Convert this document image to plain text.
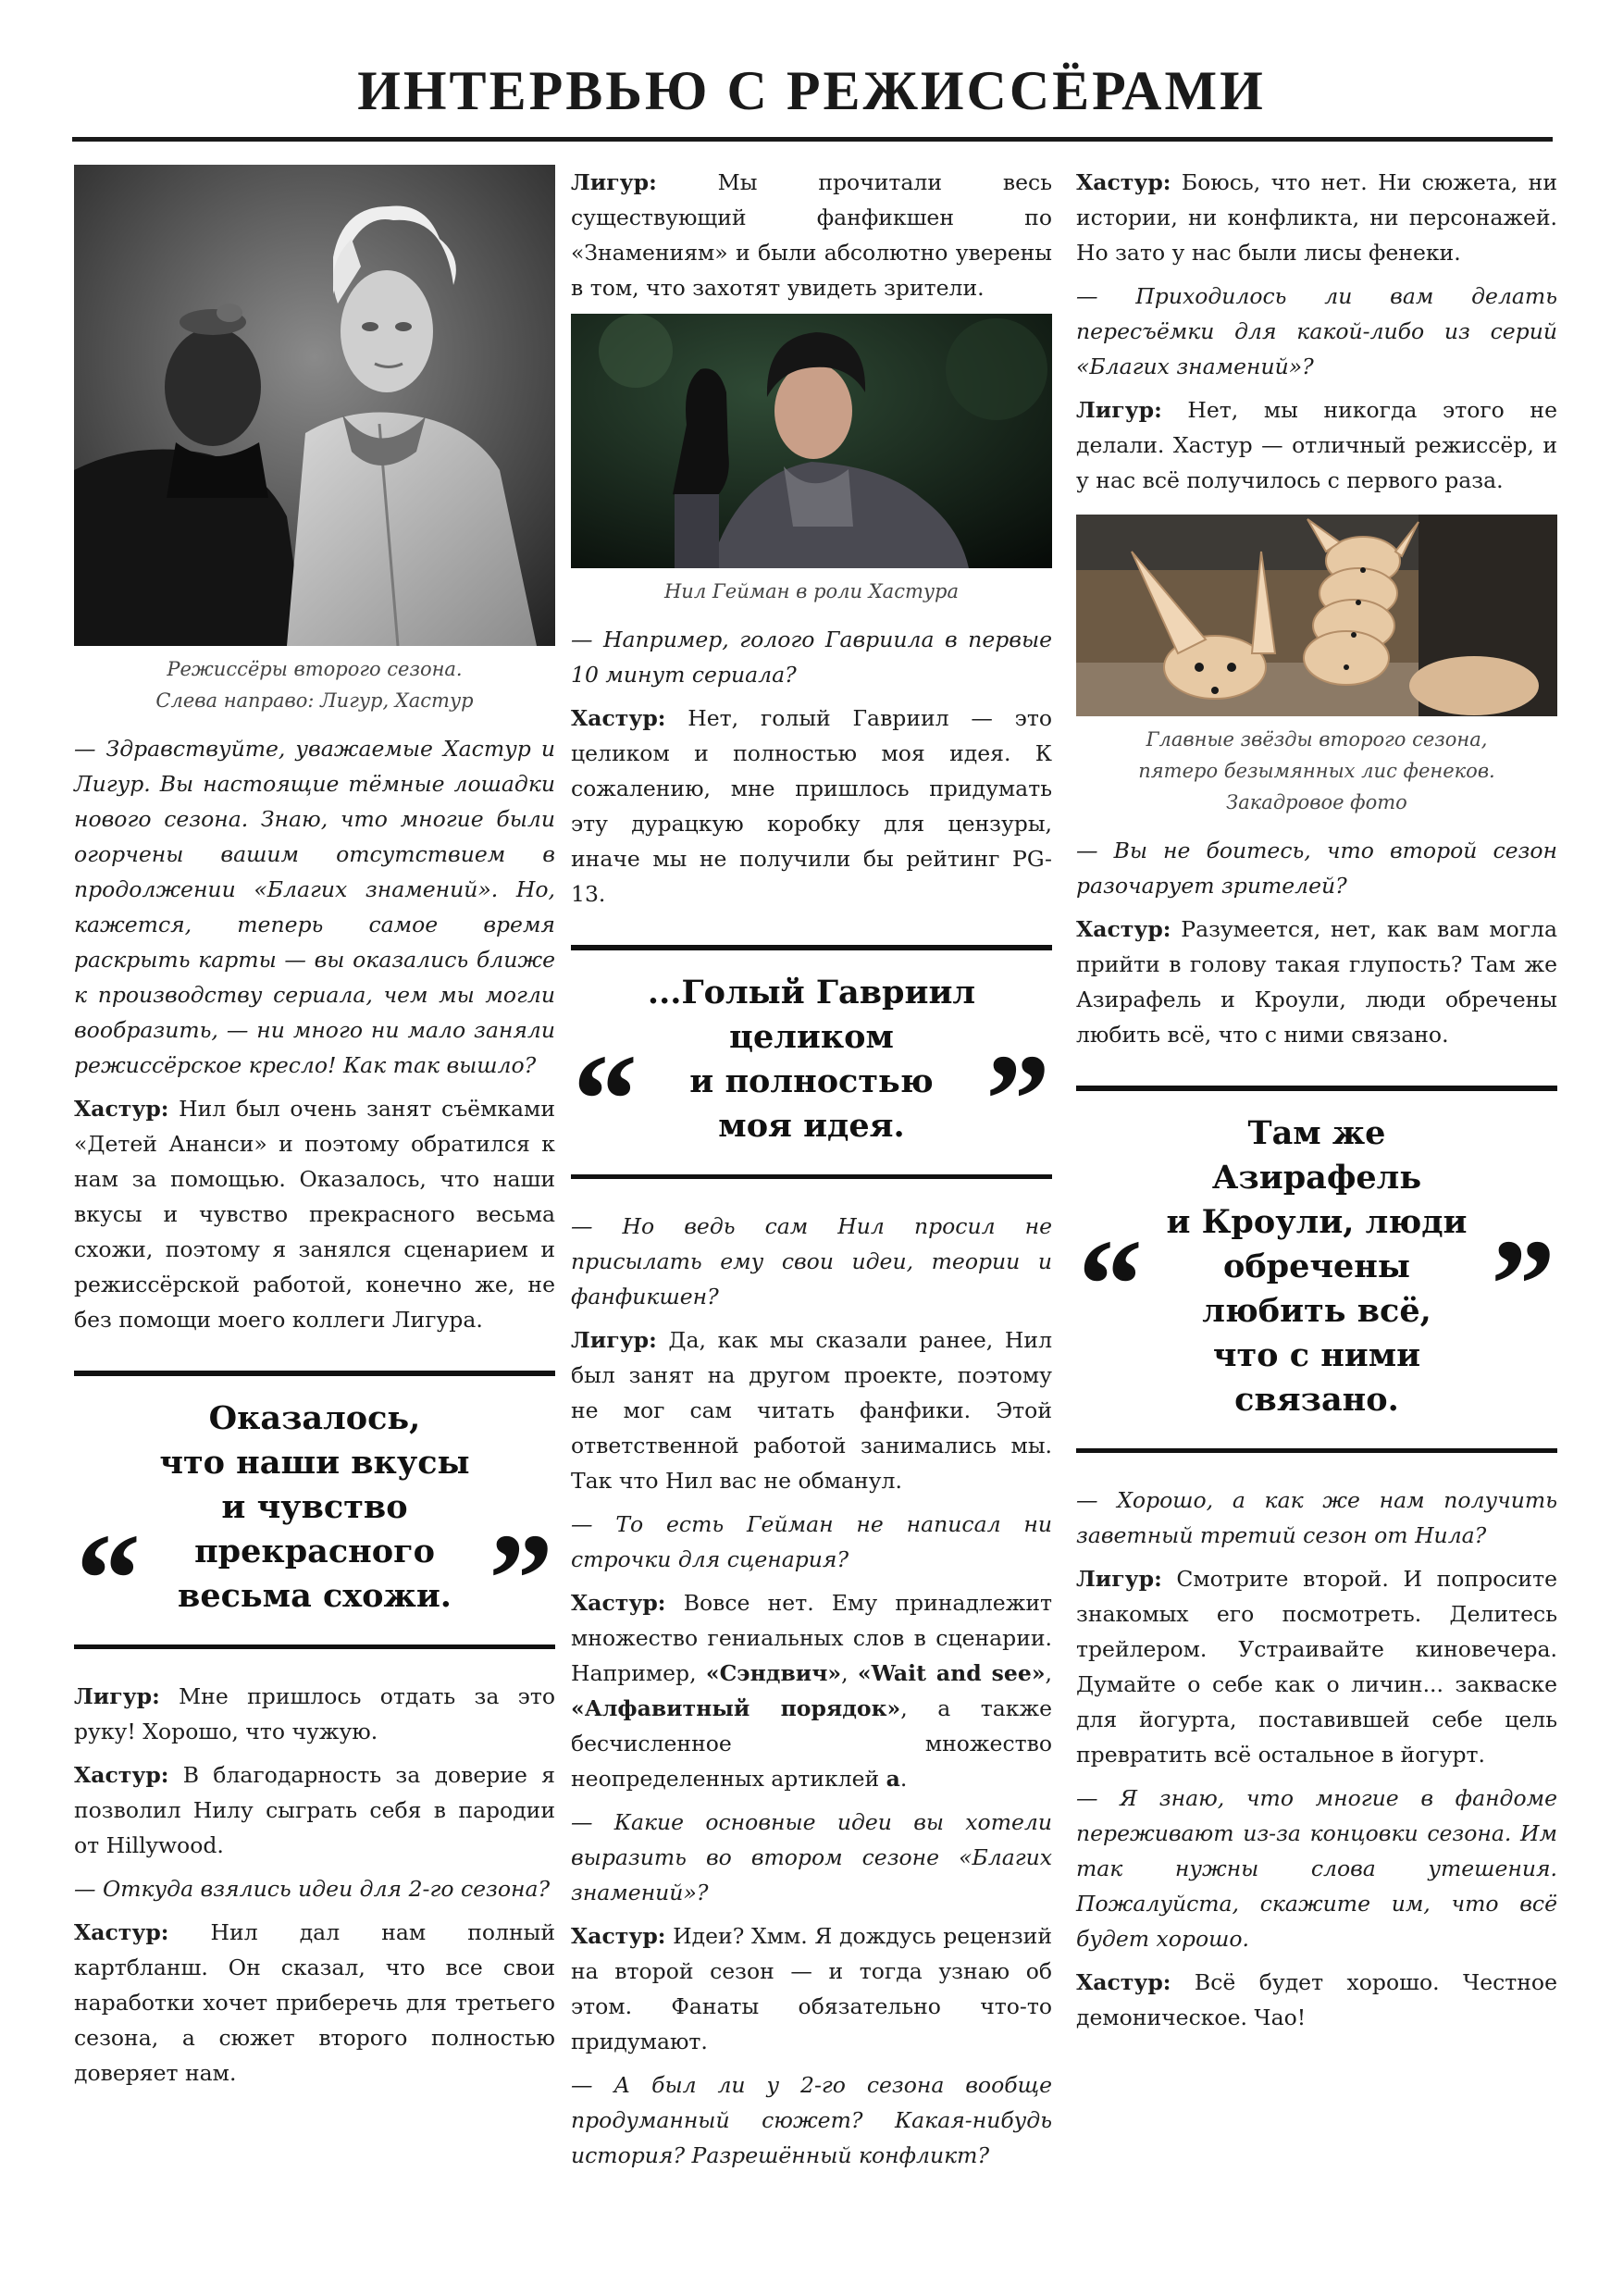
ИНТЕРВЬЮ С РЕЖИССЁРАМИ
Режиссёры второго сезона.
Слева направо: Лигур, Хастур

— Здравствуйте, уважаемые Хастур и Лигур. Вы настоящие тёмные лошадки нового сезона. Знаю, что многие были огорчены вашим отсутствием в продолжении «Благих знамений». Но, кажется, теперь самое время раскрыть карты — вы оказались ближе к производству сериала, чем мы могли вообразить, — ни много ни мало заняли режиссёрское кресло! Как так вышло?

Хастур: Нил был очень занят съёмками «Детей Ананси» и поэтому обратился к нам за помощью. Оказалось, что наши вкусы и чувство прекрасного весьма схожи, поэтому я занялся сценарием и режиссёрской работой, конечно же, не без помощи моего коллеги Лигура.

“
Оказалось,
что наши вкусы
и чувство
прекрасного
весьма схожи. ”

Лигур: Мне пришлось отдать за это руку! Хорошо, что чужую.

Хастур: В благодарность за доверие я позволил Нилу сыграть себя в пародии от Hillywood.

— Откуда взялись идеи для 2-го сезона?

Хастур: Нил дал нам полный картбланш. Он сказал, что все свои наработки хочет приберечь для третьего сезона, а сюжет второго полностью доверяет нам.

Лигур: Мы прочитали весь существующий фанфикшен по «Знамениям» и были абсолютно уверены в том, что захотят увидеть зрители.

Нил Гейман в роли Хастура

— Например, голого Гавриила в первые 10 минут сериала?

Хастур: Нет, голый Гавриил — это целиком и полностью моя идея. К сожалению, мне пришлось придумать эту дурацкую коробку для цензуры, иначе мы не получили бы рейтинг PG-13.

“
...Голый Гавриил
целиком
и полностью
моя идея. ”

— Но ведь сам Нил просил не присылать ему свои идеи, теории и фанфикшен?

Лигур: Да, как мы сказали ранее, Нил был занят на другом проекте, поэтому не мог сам читать фанфики. Этой ответственной работой занимались мы. Так что Нил вас не обманул.

— То есть Гейман не написал ни строчки для сценария?

Хастур: Вовсе нет. Ему принадлежит множество гениальных слов в сценарии. Например, «Сэндвич», «Wait and see», «Алфавитный порядок», а также бесчисленное множество неопределенных артиклей a.

— Какие основные идеи вы хотели выразить во втором сезоне «Благих знамений»?

Хастур: Идеи? Хмм. Я дождусь рецензий на второй сезон — и тогда узнаю об этом. Фанаты обязательно что-то придумают.

— А был ли у 2-го сезона вообще продуманный сюжет? Какая-нибудь история? Разрешённый конфликт?

Хастур: Боюсь, что нет. Ни сюжета, ни истории, ни конфликта, ни персонажей. Но зато у нас были лисы фенеки.

— Приходилось ли вам делать пересъёмки для какой-либо из серий «Благих знамений»?

Лигур: Нет, мы никогда этого не делали. Хастур — отличный режиссёр, и у нас всё получилось с первого раза.

Главные звёзды второго сезона,
пятеро безымянных лис фенеков.
Закадровое фото

— Вы не боитесь, что второй сезон разочарует зрителей?

Хастур: Разумеется, нет, как вам могла прийти в голову такая глупость? Там же Азирафель и Кроули, люди обречены любить всё, что с ними связано.

“
Там же Азирафель
и Кроули, люди
обречены
любить всё,
что с ними
связано.
”

— Хорошо, а как же нам получить заветный третий сезон от Нила?

Лигур: Смотрите второй. И попросите знакомых его посмотреть. Делитесь трейлером. Устраивайте киновечера. Думайте о себе как о личин... закваске для йогурта, поставившей себе цель превратить всё остальное в йогурт.

— Я знаю, что многие в фандоме переживают из-за концовки сезона. Им так нужны слова утешения. Пожалуйста, скажите им, что всё будет хорошо.

Хастур: Всё будет хорошо. Честное демоническое. Чао!
